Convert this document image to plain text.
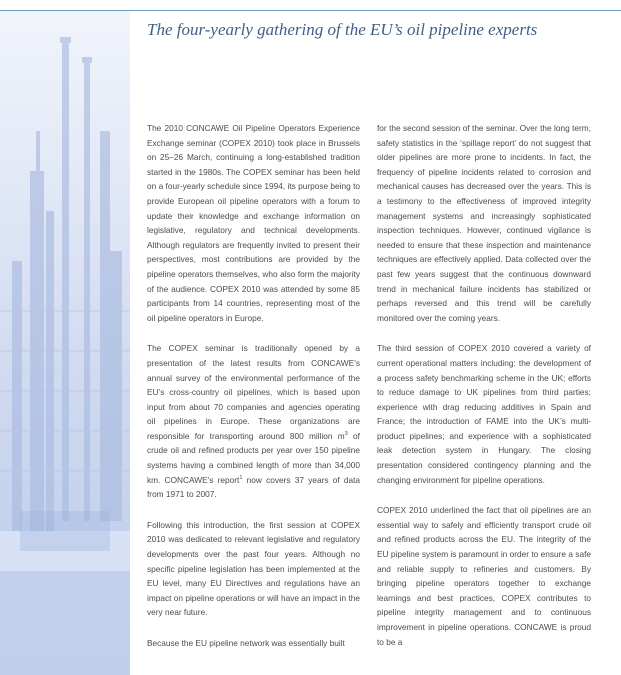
The four-yearly gathering of the EU’s oil pipeline experts

The 2010 CONCAWE Oil Pipeline Operators Experience Exchange seminar (COPEX 2010) took place in Brussels on 25–26 March, continuing a long-established tradition started in the 1980s. The COPEX seminar has been held on a four-yearly schedule since 1994, its purpose being to provide European oil pipeline operators with a forum to update their knowledge and exchange information on legislative, regulatory and technical developments. Although regulators are frequently invited to present their perspectives, most contributions are provided by the pipeline operators themselves, who also form the majority of the audience. COPEX 2010 was attended by some 85 participants from 14 countries, representing most of the oil pipeline operators in Europe.

The COPEX seminar is traditionally opened by a presentation of the latest results from CONCAWE’s annual survey of the environmental performance of the EU’s cross-country oil pipelines, which is based upon input from about 70 companies and agencies operating oil pipelines in Europe. These organizations are responsible for transporting around 800 million $m^3$ of crude oil and refined products per year over 150 pipeline systems having a combined length of more than 34,000 km. CONCAWE’s report$^1$ now covers 37 years of data from 1971 to 2007.

Following this introduction, the first session at COPEX 2010 was dedicated to relevant legislative and regulatory developments over the past four years. Although no specific pipeline legislation has been implemented at the EU level, many EU Directives and regulations have an impact on pipeline operations or will have an impact in the very near future.

Because the EU pipeline network was essentially built

for the second session of the seminar. Over the long term, safety statistics in the ‘spillage report’ do not suggest that older pipelines are more prone to incidents. In fact, the frequency of pipeline incidents related to corrosion and mechanical causes has decreased over the years. This is a testimony to the effectiveness of improved integrity management systems and increasingly sophisticated inspection techniques. However, continued vigilance is needed to ensure that these inspection and maintenance techniques are effectively applied. Data collected over the past few years suggest that the continuous downward trend in mechanical failure incidents has stabilized or perhaps reversed and this trend will be carefully monitored over the coming years.

The third session of COPEX 2010 covered a variety of current operational matters including: the development of a process safety benchmarking scheme in the UK; efforts to reduce damage to UK pipelines from third parties; experience with drag reducing additives in Spain and France; the introduction of FAME into the UK’s multi-product pipelines; and experience with a sophisticated leak detection system in Hungary. The closing presentation considered contingency planning and the changing environment for pipeline operations.

COPEX 2010 underlined the fact that oil pipelines are an essential way to safely and efficiently transport crude oil and refined products across the EU. The integrity of the EU pipeline system is paramount in order to ensure a safe and reliable supply to refineries and customers. By bringing pipeline operators together to exchange learnings and best practices, COPEX contributes to pipeline integrity management and to continuous improvement in pipeline operations. CONCAWE is proud to be a
